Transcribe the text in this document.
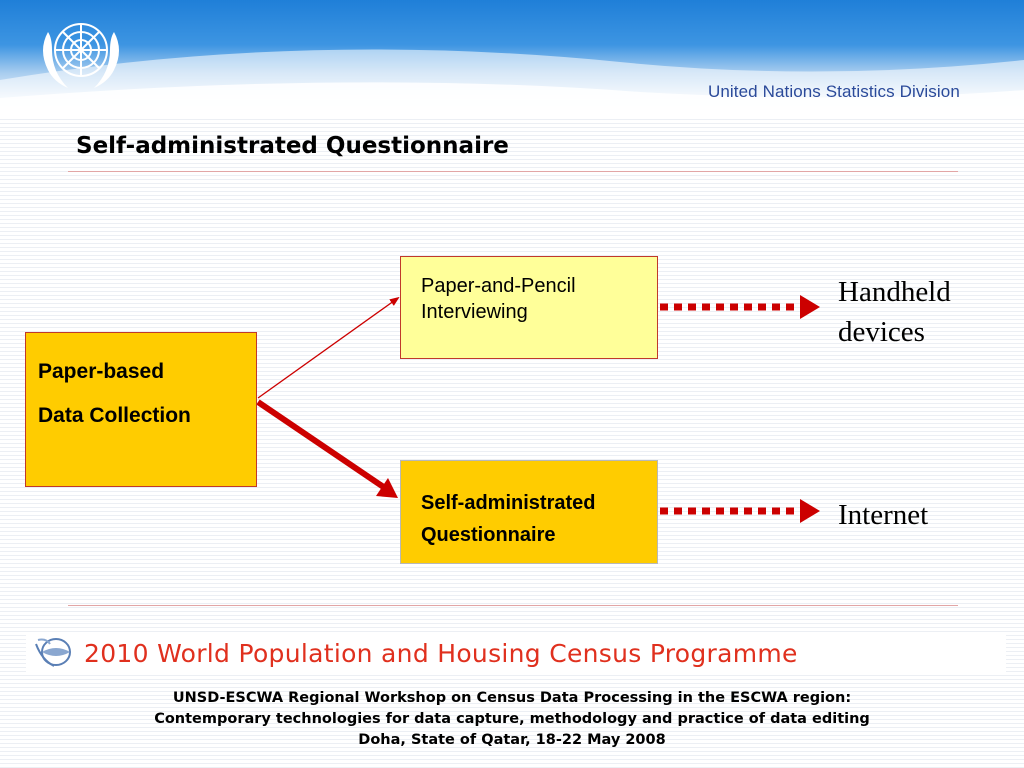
United Nations Statistics Division
Self-administrated Questionnaire
Paper-based
Data Collection
Paper-and-Pencil
Interviewing
Self-administrated
Questionnaire
Handheld
devices
Internet
2010 World Population and Housing Census Programme
UNSD-ESCWA Regional Workshop on Census Data Processing in the ESCWA region:
Contemporary technologies for data capture, methodology and practice of data editing
Doha, State of Qatar, 18-22 May 2008
